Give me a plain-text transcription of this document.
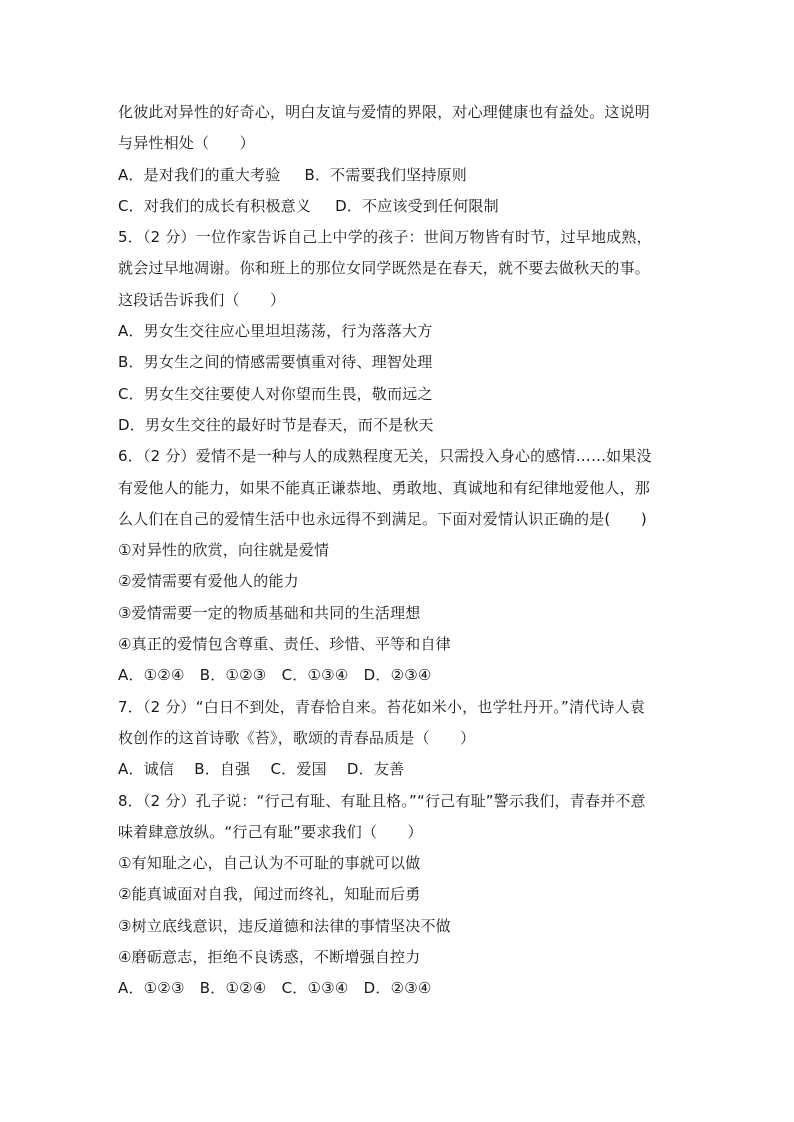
化彼此对异性的好奇心，明白友谊与爱情的界限，对心理健康也有益处。这说明
与异性相处（　　）
A．是对我们的重大考验 B．不需要我们坚持原则
C．对我们的成长有积极意义 D．不应该受到任何限制
5．（2 分）一位作家告诉自己上中学的孩子：世间万物皆有时节，过早地成熟，
就会过早地凋谢。你和班上的那位女同学既然是在春天，就不要去做秋天的事。
这段话告诉我们（　　）
A．男女生交往应心里坦坦荡荡，行为落落大方
B．男女生之间的情感需要慎重对待、理智处理
C．男女生交往要使人对你望而生畏，敬而远之
D．男女生交往的最好时节是春天，而不是秋天
6．（2 分）爱情不是一种与人的成熟程度无关，只需投入身心的感情……如果没
有爱他人的能力，如果不能真正谦恭地、勇敢地、真诚地和有纪律地爱他人，那
么人们在自己的爱情生活中也永远得不到满足。下面对爱情认识正确的是(　　)
①对异性的欣赏，向往就是爱情
②爱情需要有爱他人的能力
③爱情需要一定的物质基础和共同的生活理想
④真正的爱情包含尊重、责任、珍惜、平等和自律
A．①②④　B．①②③　C．①③④　D．②③④
7．（2 分）“白日不到处，青春恰自来。苔花如米小，也学牡丹开。”清代诗人袁
枚创作的这首诗歌《苔》，歌颂的青春品质是（　　）
A．诚信　 B．自强　 C．爱国　 D．友善
8．（2 分）孔子说：“行己有耻、有耻且格。”“行己有耻”警示我们，青春并不意
味着肆意放纵。“行己有耻”要求我们（　　）
①有知耻之心，自己认为不可耻的事就可以做
②能真诚面对自我，闻过而终礼，知耻而后勇
③树立底线意识，违反道德和法律的事情坚决不做
④磨砺意志，拒绝不良诱惑，不断增强自控力
A．①②③　B．①②④　C．①③④　D．②③④
